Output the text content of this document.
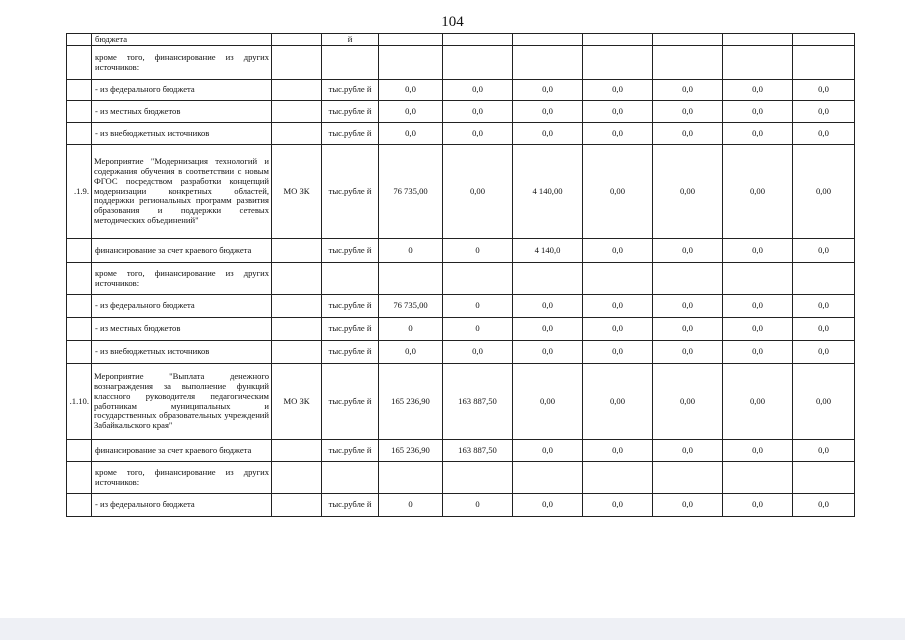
104
	бюджета		й							
	кроме того, финансирование из других источников:									
	- из федерального бюджета		тыс.рубле й	0,0	0,0	0,0	0,0	0,0	0,0	0,0
	- из местных бюджетов		тыс.рубле й	0,0	0,0	0,0	0,0	0,0	0,0	0,0
	- из внебюджетных источников		тыс.рубле й	0,0	0,0	0,0	0,0	0,0	0,0	0,0
.1.9.	Мероприятие "Модернизация технологий и содержания обучения в соответствии с новым ФГОС посредством разработки концепций модернизации конкретных областей, поддержки региональных программ развития образования и поддержки сетевых методических объединений"	МО ЗК	тыс.рубле й	76 735,00	0,00	4 140,00	0,00	0,00	0,00	0,00
	финансирование за счет краевого бюджета		тыс.рубле й	0	0	4 140,0	0,0	0,0	0,0	0,0
	кроме того, финансирование из других источников:									
	- из федерального бюджета		тыс.рубле й	76 735,00	0	0,0	0,0	0,0	0,0	0,0
	- из местных бюджетов		тыс.рубле й	0	0	0,0	0,0	0,0	0,0	0,0
	- из внебюджетных источников		тыс.рубле й	0,0	0,0	0,0	0,0	0,0	0,0	0,0
.1.10.	Мероприятие "Выплата денежного вознаграждения за выполнение функций классного руководителя педагогическим работникам муниципальных и государственных образовательных учреждений Забайкальского края"	МО ЗК	тыс.рубле й	165 236,90	163 887,50	0,00	0,00	0,00	0,00	0,00
	финансирование за счет краевого бюджета		тыс.рубле й	165 236,90	163 887,50	0,0	0,0	0,0	0,0	0,0
	кроме того, финансирование из других источников:									
	- из федерального бюджета		тыс.рубле й	0	0	0,0	0,0	0,0	0,0	0,0
